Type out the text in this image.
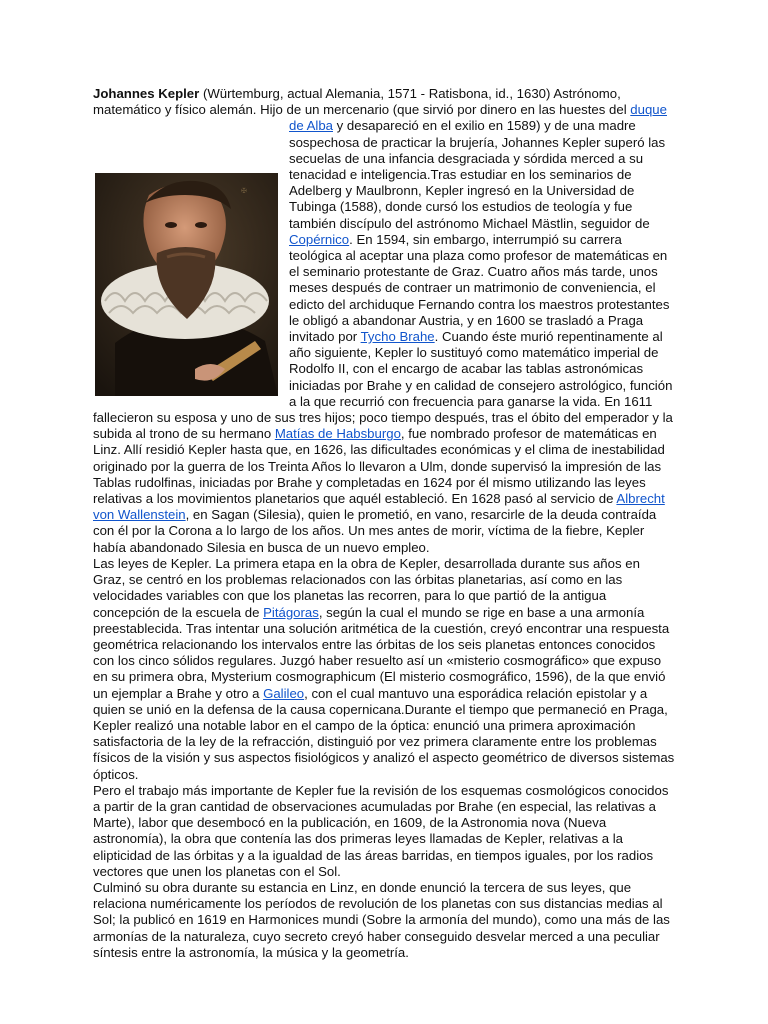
Johannes Kepler (Würtemburg, actual Alemania, 1571 - Ratisbona, id., 1630) Astrónomo, matemático y físico alemán. Hijo de un mercenario (que sirvió por dinero en las huestes del duque de Alba
✠
y desapareció en el exilio en 1589) y de una madre sospechosa de practicar la brujería, Johannes Kepler superó las secuelas de una infancia desgraciada y sórdida merced a su tenacidad e inteligencia.Tras estudiar en los seminarios de Adelberg y Maulbronn, Kepler ingresó en la Universidad de Tubinga (1588), donde cursó los estudios de teología y fue también discípulo del astrónomo Michael Mästlin, seguidor de Copérnico. En 1594, sin embargo, interrumpió su carrera teológica al aceptar una plaza como profesor de matemáticas en el seminario protestante de Graz. Cuatro años más tarde, unos meses después de contraer un matrimonio de conveniencia, el edicto del archiduque Fernando contra los maestros protestantes le obligó a abandonar Austria, y en 1600 se trasladó a Praga invitado por Tycho Brahe. Cuando éste murió repentinamente al año siguiente, Kepler lo sustituyó como matemático imperial de Rodolfo II, con el encargo de acabar las tablas astronómicas iniciadas por Brahe y en calidad de consejero astrológico, función a la que recurrió con frecuencia para ganarse la vida. En 1611 fallecieron su esposa y uno de sus tres hijos; poco tiempo después, tras el óbito del emperador y la subida al trono de su hermano Matías de Habsburgo, fue nombrado profesor de matemáticas en Linz. Allí residió Kepler hasta que, en 1626, las dificultades económicas y el clima de inestabilidad originado por la guerra de los Treinta Años lo llevaron a Ulm, donde supervisó la impresión de las Tablas rudolfinas, iniciadas por Brahe y completadas en 1624 por él mismo utilizando las leyes relativas a los movimientos planetarios que aquél estableció. En 1628 pasó al servicio de Albrecht von Wallenstein, en Sagan (Silesia), quien le prometió, en vano, resarcirle de la deuda contraída con él por la Corona a lo largo de los años. Un mes antes de morir, víctima de la fiebre, Kepler había abandonado Silesia en busca de un nuevo empleo.

Las leyes de Kepler. La primera etapa en la obra de Kepler, desarrollada durante sus años en Graz, se centró en los problemas relacionados con las órbitas planetarias, así como en las velocidades variables con que los planetas las recorren, para lo que partió de la antigua concepción de la escuela de Pitágoras, según la cual el mundo se rige en base a una armonía preestablecida. Tras intentar una solución aritmética de la cuestión, creyó encontrar una respuesta geométrica relacionando los intervalos entre las órbitas de los seis planetas entonces conocidos con los cinco sólidos regulares. Juzgó haber resuelto así un «misterio cosmográfico» que expuso en su primera obra, Mysterium cosmographicum (El misterio cosmográfico, 1596), de la que envió un ejemplar a Brahe y otro a Galileo, con el cual mantuvo una esporádica relación epistolar y a quien se unió en la defensa de la causa copernicana.Durante el tiempo que permaneció en Praga, Kepler realizó una notable labor en el campo de la óptica: enunció una primera aproximación satisfactoria de la ley de la refracción, distinguió por vez primera claramente entre los problemas físicos de la visión y sus aspectos fisiológicos y analizó el aspecto geométrico de diversos sistemas ópticos.

Pero el trabajo más importante de Kepler fue la revisión de los esquemas cosmológicos conocidos a partir de la gran cantidad de observaciones acumuladas por Brahe (en especial, las relativas a Marte), labor que desembocó en la publicación, en 1609, de la Astronomia nova (Nueva astronomía), la obra que contenía las dos primeras leyes llamadas de Kepler, relativas a la elipticidad de las órbitas y a la igualdad de las áreas barridas, en tiempos iguales, por los radios vectores que unen los planetas con el Sol.

Culminó su obra durante su estancia en Linz, en donde enunció la tercera de sus leyes, que relaciona numéricamente los períodos de revolución de los planetas con sus distancias medias al Sol; la publicó en 1619 en Harmonices mundi (Sobre la armonía del mundo), como una más de las armonías de la naturaleza, cuyo secreto creyó haber conseguido desvelar merced a una peculiar síntesis entre la astronomía, la música y la geometría.
